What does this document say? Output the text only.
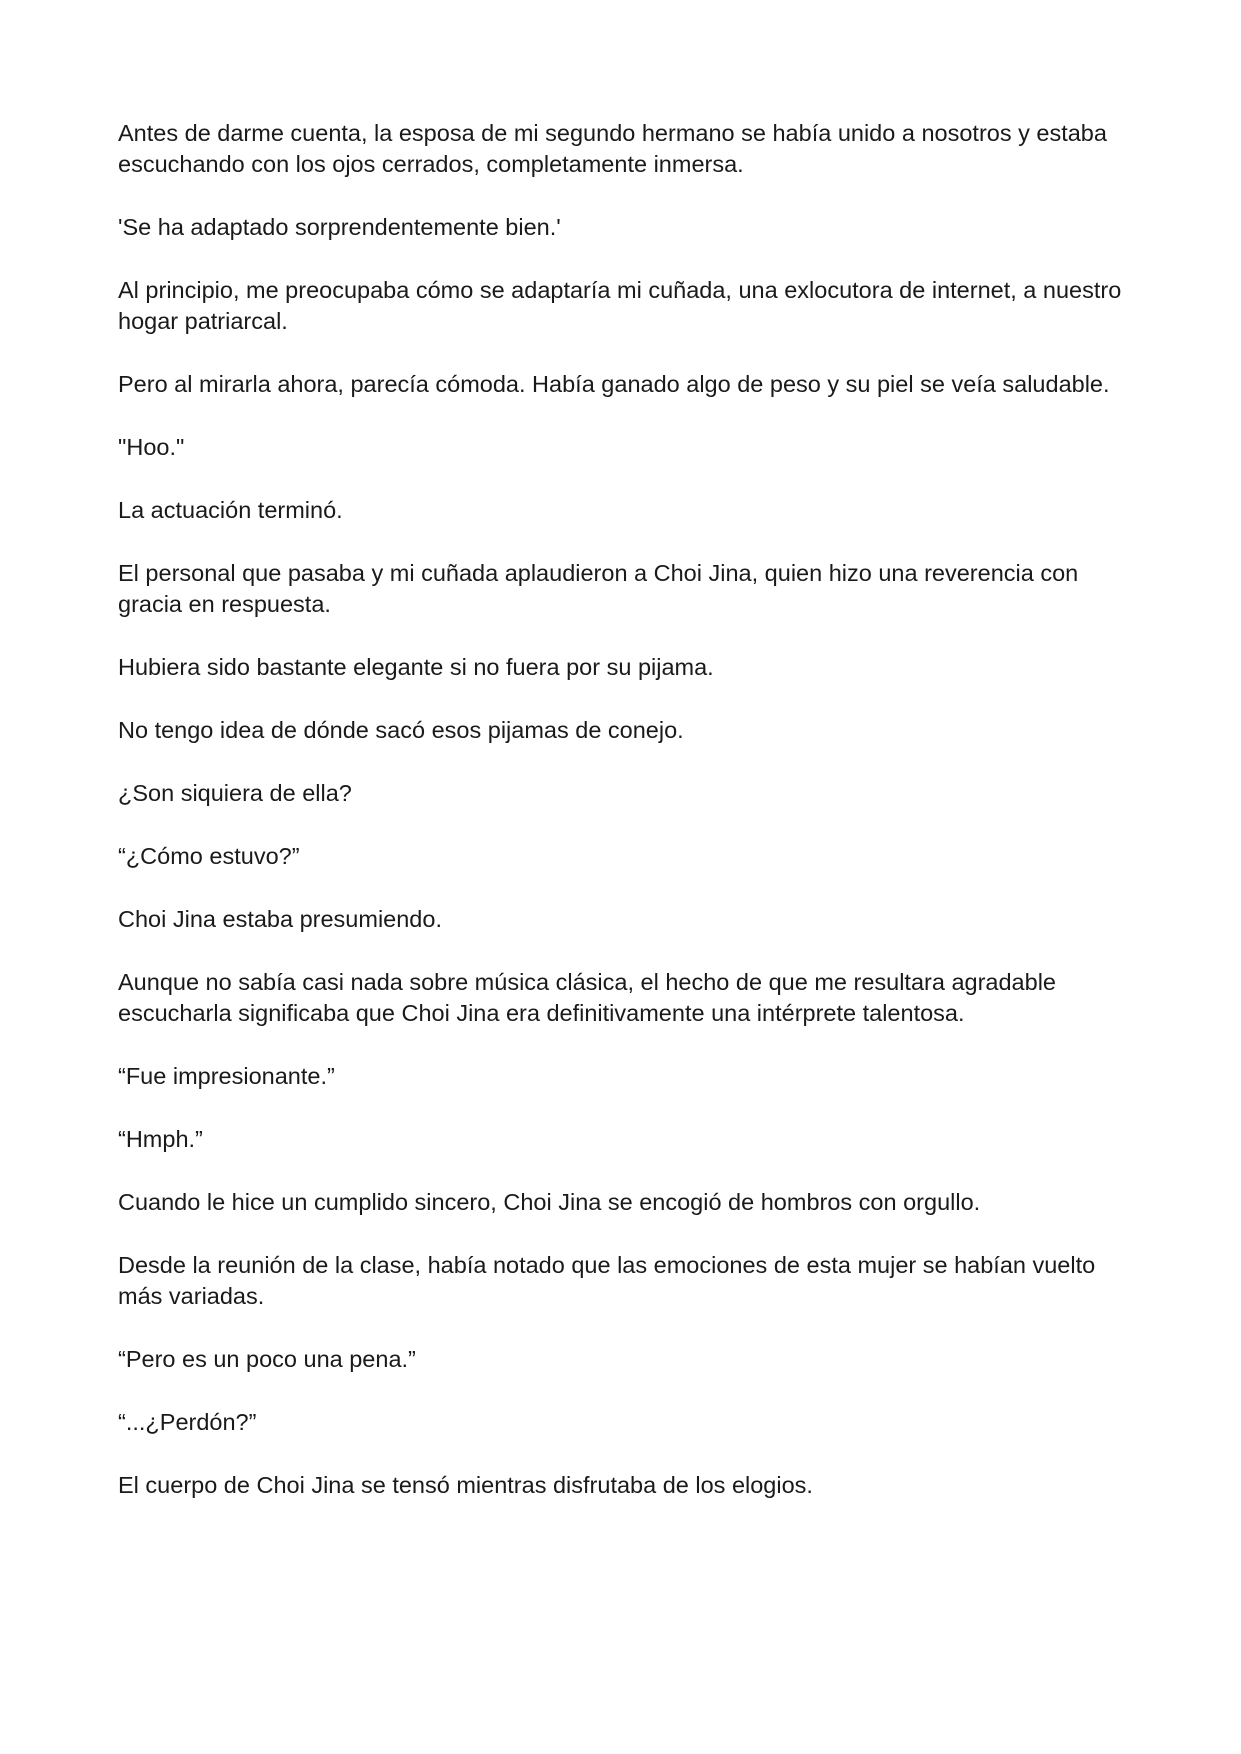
Antes de darme cuenta, la esposa de mi segundo hermano se había unido a nosotros y estaba escuchando con los ojos cerrados, completamente inmersa.

'Se ha adaptado sorprendentemente bien.'

Al principio, me preocupaba cómo se adaptaría mi cuñada, una exlocutora de internet, a nuestro hogar patriarcal.

Pero al mirarla ahora, parecía cómoda. Había ganado algo de peso y su piel se veía saludable.

"Hoo."

La actuación terminó.

El personal que pasaba y mi cuñada aplaudieron a Choi Jina, quien hizo una reverencia con gracia en respuesta.

Hubiera sido bastante elegante si no fuera por su pijama.

No tengo idea de dónde sacó esos pijamas de conejo.

¿Son siquiera de ella?

“¿Cómo estuvo?”

Choi Jina estaba presumiendo.

Aunque no sabía casi nada sobre música clásica, el hecho de que me resultara agradable escucharla significaba que Choi Jina era definitivamente una intérprete talentosa.

“Fue impresionante.”

“Hmph.”

Cuando le hice un cumplido sincero, Choi Jina se encogió de hombros con orgullo.

Desde la reunión de la clase, había notado que las emociones de esta mujer se habían vuelto más variadas.

“Pero es un poco una pena.”

“...¿Perdón?”

El cuerpo de Choi Jina se tensó mientras disfrutaba de los elogios.
